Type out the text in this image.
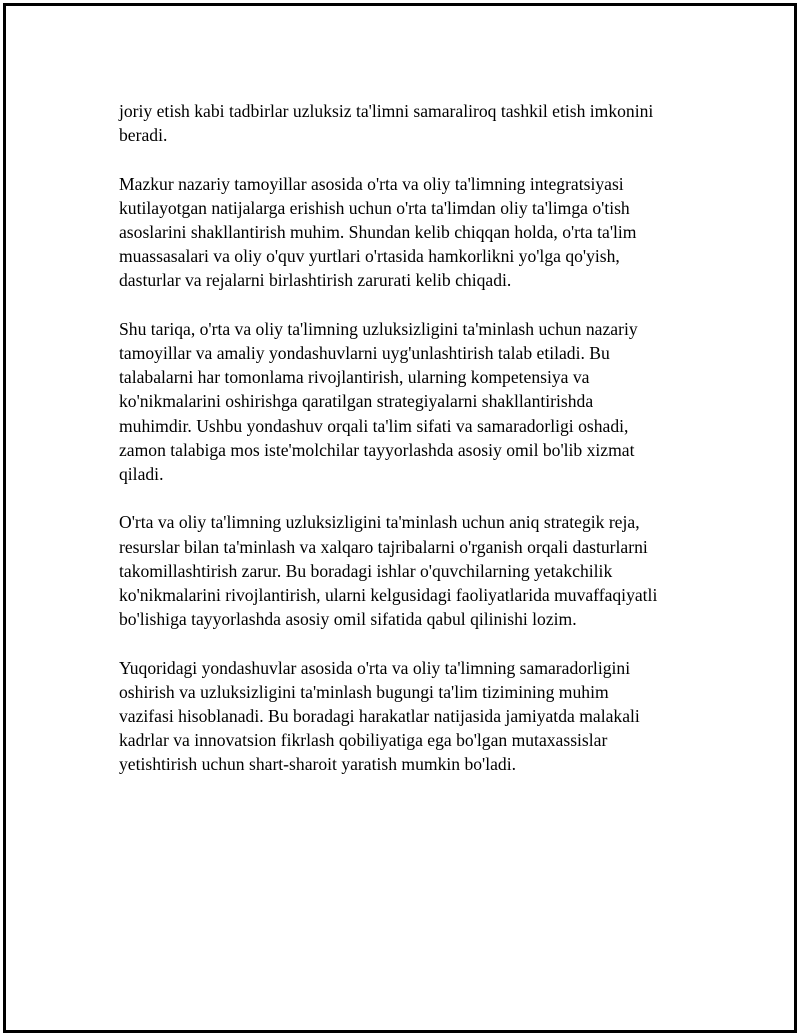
joriy etish kabi tadbirlar uzluksiz ta'limni samaraliroq tashkil etish imkonini
beradi.

Mazkur nazariy tamoyillar asosida o'rta va oliy ta'limning integratsiyasi
kutilayotgan natijalarga erishish uchun o'rta ta'limdan oliy ta'limga o'tish
asoslarini shakllantirish muhim. Shundan kelib chiqqan holda, o'rta ta'lim
muassasalari va oliy o'quv yurtlari o'rtasida hamkorlikni yo'lga qo'yish,
dasturlar va rejalarni birlashtirish zarurati kelib chiqadi.

Shu tariqa, o'rta va oliy ta'limning uzluksizligini ta'minlash uchun nazariy
tamoyillar va amaliy yondashuvlarni uyg'unlashtirish talab etiladi. Bu
talabalarni har tomonlama rivojlantirish, ularning kompetensiya va
ko'nikmalarini oshirishga qaratilgan strategiyalarni shakllantirishda
muhimdir. Ushbu yondashuv orqali ta'lim sifati va samaradorligi oshadi,
zamon talabiga mos iste'molchilar tayyorlashda asosiy omil bo'lib xizmat
qiladi.

O'rta va oliy ta'limning uzluksizligini ta'minlash uchun aniq strategik reja,
resurslar bilan ta'minlash va xalqaro tajribalarni o'rganish orqali dasturlarni
takomillashtirish zarur. Bu boradagi ishlar o'quvchilarning yetakchilik
ko'nikmalarini rivojlantirish, ularni kelgusidagi faoliyatlarida muvaffaqiyatli
bo'lishiga tayyorlashda asosiy omil sifatida qabul qilinishi lozim.

Yuqoridagi yondashuvlar asosida o'rta va oliy ta'limning samaradorligini
oshirish va uzluksizligini ta'minlash bugungi ta'lim tizimining muhim
vazifasi hisoblanadi. Bu boradagi harakatlar natijasida jamiyatda malakali
kadrlar va innovatsion fikrlash qobiliyatiga ega bo'lgan mutaxassislar
yetishtirish uchun shart-sharoit yaratish mumkin bo'ladi.
